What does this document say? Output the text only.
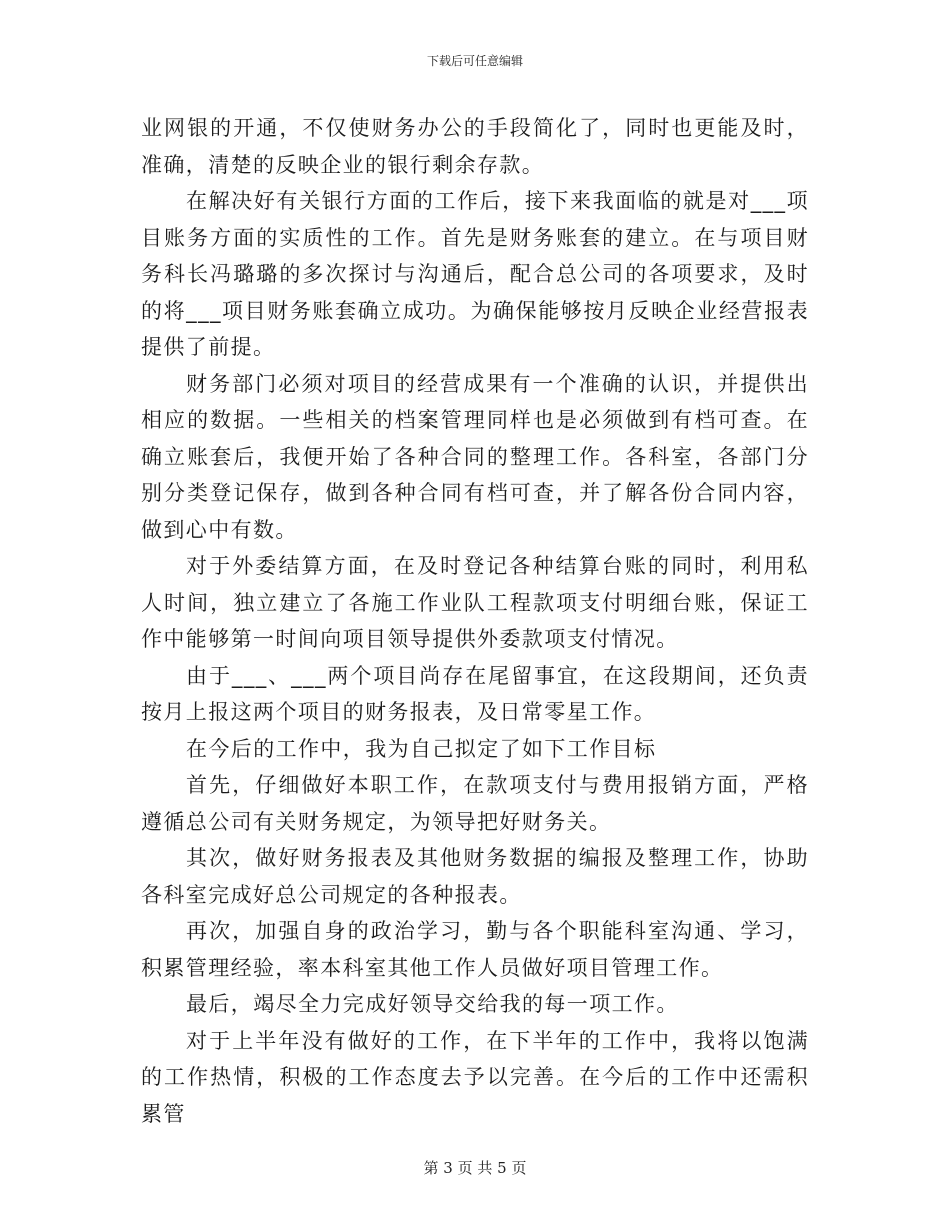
下载后可任意编辑

业网银的开通，不仅使财务办公的手段简化了，同时也更能及时，准确，清楚的反映企业的银行剩余存款。

在解决好有关银行方面的工作后，接下来我面临的就是对___项目账务方面的实质性的工作。首先是财务账套的建立。在与项目财务科长冯璐璐的多次探讨与沟通后，配合总公司的各项要求，及时的将___项目财务账套确立成功。为确保能够按月反映企业经营报表提供了前提。

财务部门必须对项目的经营成果有一个准确的认识，并提供出相应的数据。一些相关的档案管理同样也是必须做到有档可查。在确立账套后，我便开始了各种合同的整理工作。各科室，各部门分别分类登记保存，做到各种合同有档可查，并了解各份合同内容，做到心中有数。

对于外委结算方面，在及时登记各种结算台账的同时，利用私人时间，独立建立了各施工作业队工程款项支付明细台账，保证工作中能够第一时间向项目领导提供外委款项支付情况。

由于___、___两个项目尚存在尾留事宜，在这段期间，还负责按月上报这两个项目的财务报表，及日常零星工作。

在今后的工作中，我为自己拟定了如下工作目标

首先，仔细做好本职工作，在款项支付与费用报销方面，严格遵循总公司有关财务规定，为领导把好财务关。

其次，做好财务报表及其他财务数据的编报及整理工作，协助各科室完成好总公司规定的各种报表。

再次，加强自身的政治学习，勤与各个职能科室沟通、学习，积累管理经验，率本科室其他工作人员做好项目管理工作。

最后，竭尽全力完成好领导交给我的每一项工作。

对于上半年没有做好的工作，在下半年的工作中，我将以饱满的工作热情，积极的工作态度去予以完善。在今后的工作中还需积累管

第 3 页 共 5 页
